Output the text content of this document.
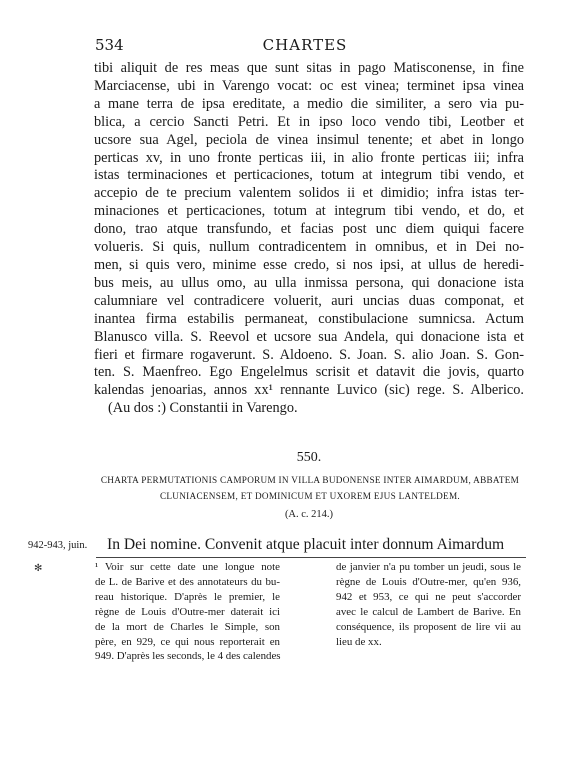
534	CHARTES
tibi aliquit de res meas que sunt sitas in pago Matisconense, in fine
Marciacense, ubi in Varengo vocat: oc est vinea; terminet ipsa vinea
a mane terra de ipsa ereditate, a medio die similiter, a sero via pu-
blica, a cercio Sancti Petri. Et in ipso loco vendo tibi, Leotber et
ucsore sua Agel, peciola de vinea insimul tenente; et abet in longo
perticas xv, in uno fronte perticas iii, in alio fronte perticas iii; infra
istas terminaciones et perticaciones, totum at integrum tibi vendo, et
accepio de te precium valentem solidos ii et dimidio; infra istas ter-
minaciones et perticaciones, totum at integrum tibi vendo, et do, et
dono, trao atque transfundo, et facias post unc diem quiqui facere
volueris. Si quis, nullum contradicentem in omnibus, et in Dei no-
men, si quis vero, minime esse credo, si nos ipsi, at ullus de heredi-
bus meis, au ullus omo, au ulla inmissa persona, qui donacione ista
calumniare vel contradicere voluerit, auri uncias duas componat, et
inantea firma estabilis permaneat, constibulacione sumnicsa. Actum
Blanusco villa. S. Reevol et ucsore sua Andela, qui donacione ista et
fieri et firmare rogaverunt. S. Aldoeno. S. Joan. S. alio Joan. S. Gon-
ten. S. Maenfreo. Ego Engelelmus scrisit et datavit die jovis, quarto
kalendas jenoarias, annos xx¹ rennante Luvico (sic) rege. S. Alberico.
(Au dos :) Constantii in Varengo.
550.
CHARTA PERMUTATIONIS CAMPORUM IN VILLA BUDONENSE INTER AIMARDUM, ABBATEM
CLUNIACENSEM, ET DOMINICUM ET UXOREM EJUS LANTELDEM.
(A. c. 214.)
942-943, juin. In Dei nomine. Convenit atque placuit inter donnum Aimardum
✻	¹ Voir sur cette date une longue note
de L. de Barive et des annotateurs du bu-
reau historique. D'après le premier, le
règne de Louis d'Outre-mer daterait ici
de la mort de Charles le Simple, son
père, en 929, ce qui nous reporterait en
949. D'après les seconds, le 4 des calendes
de janvier n'a pu tomber un jeudi, sous le
règne de Louis d'Outre-mer, qu'en 936,
942 et 953, ce qui ne peut s'accorder
avec le calcul de Lambert de Barive. En
conséquence, ils proposent de lire vii au
lieu de xx.
